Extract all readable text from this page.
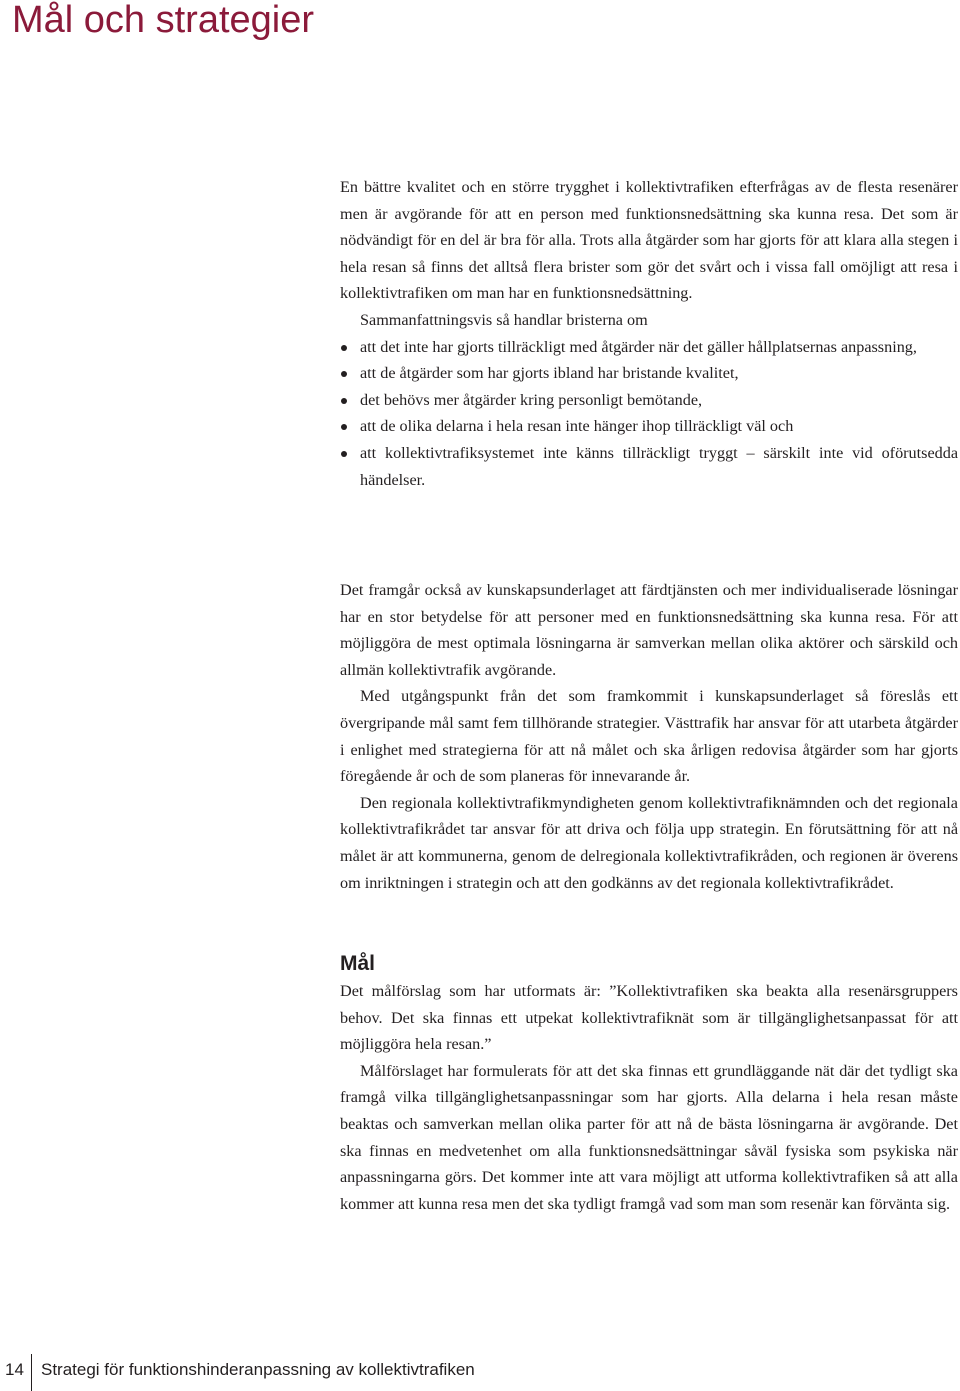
Mål och strategier

En bättre kvalitet och en större trygghet i kollektivtrafiken efterfrågas av de flesta resenärer men är avgörande för att en person med funktionsnedsättning ska kunna resa. Det som är nödvändigt för en del är bra för alla. Trots alla åtgärder som har gjorts för att klara alla stegen i hela resan så finns det alltså flera brister som gör det svårt och i vissa fall omöjligt att resa i kollektivtrafiken om man har en funktionsnedsättning.

Sammanfattningsvis så handlar bristerna om

att det inte har gjorts tillräckligt med åtgärder när det gäller hållplatsernas anpassning,
att de åtgärder som har gjorts ibland har bristande kvalitet,
det behövs mer åtgärder kring personligt bemötande,
att de olika delarna i hela resan inte hänger ihop tillräckligt väl och
att kollektivtrafiksystemet inte känns tillräckligt tryggt – särskilt inte vid oförutsedda händelser.

Det framgår också av kunskapsunderlaget att färdtjänsten och mer individualiserade lösningar har en stor betydelse för att personer med en funktionsnedsättning ska kunna resa. För att möjliggöra de mest optimala lösningarna är samverkan mellan olika aktörer och särskild och allmän kollektivtrafik avgörande.

Med utgångspunkt från det som framkommit i kunskapsunderlaget så föreslås ett övergripande mål samt fem tillhörande strategier. Västtrafik har ansvar för att utarbeta åtgärder i enlighet med strategierna för att nå målet och ska årligen redovisa åtgärder som har gjorts föregående år och de som planeras för innevarande år.

Den regionala kollektivtrafikmyndigheten genom kollektivtrafiknämnden och det regionala kollektivtrafikrådet tar ansvar för att driva och följa upp strategin. En förutsättning för att nå målet är att kommunerna, genom de delregionala kollektivtrafikråden, och regionen är överens om inriktningen i strategin och att den godkänns av det regionala kollektivtrafikrådet.

Mål

Det målförslag som har utformats är: ”Kollektivtrafiken ska beakta alla resenärsgruppers behov. Det ska finnas ett utpekat kollektivtrafiknät som är tillgänglighetsanpassat för att möjliggöra hela resan.”

Målförslaget har formulerats för att det ska finnas ett grundläggande nät där det tydligt ska framgå vilka tillgänglighetsanpassningar som har gjorts. Alla delarna i hela resan måste beaktas och samverkan mellan olika parter för att nå de bästa lösningarna är avgörande. Det ska finnas en medvetenhet om alla funktionsnedsättningar såväl fysiska som psykiska när anpassningarna görs. Det kommer inte att vara möjligt att utforma kollektivtrafiken så att alla kommer att kunna resa men det ska tydligt framgå vad som man som resenär kan förvänta sig.

14 Strategi för funktionshinderanpassning av kollektivtrafiken
